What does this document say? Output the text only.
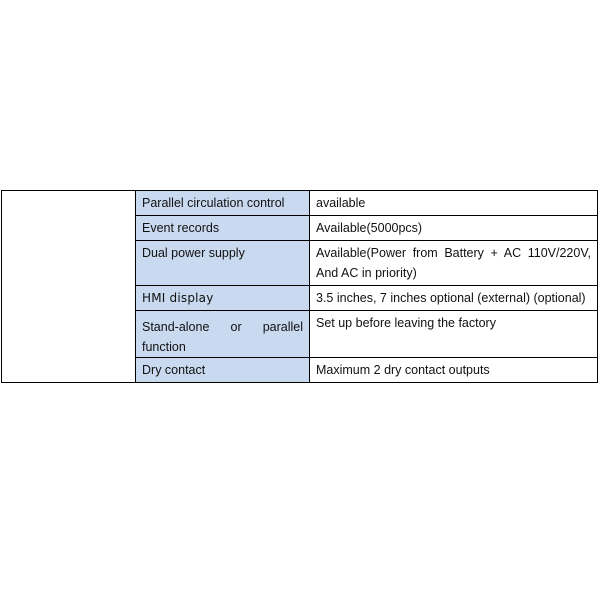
	Parallel circulation control	available
	Event records	Available(5000pcs)
	Dual power supply	Available(Power from Battery + AC 110V/220V, And AC in priority)
	HMI display	3.5 inches, 7 inches optional (external) (optional)
	Stand-alone or parallel function	Set up before leaving the factory
	Dry contact	Maximum 2 dry contact outputs
